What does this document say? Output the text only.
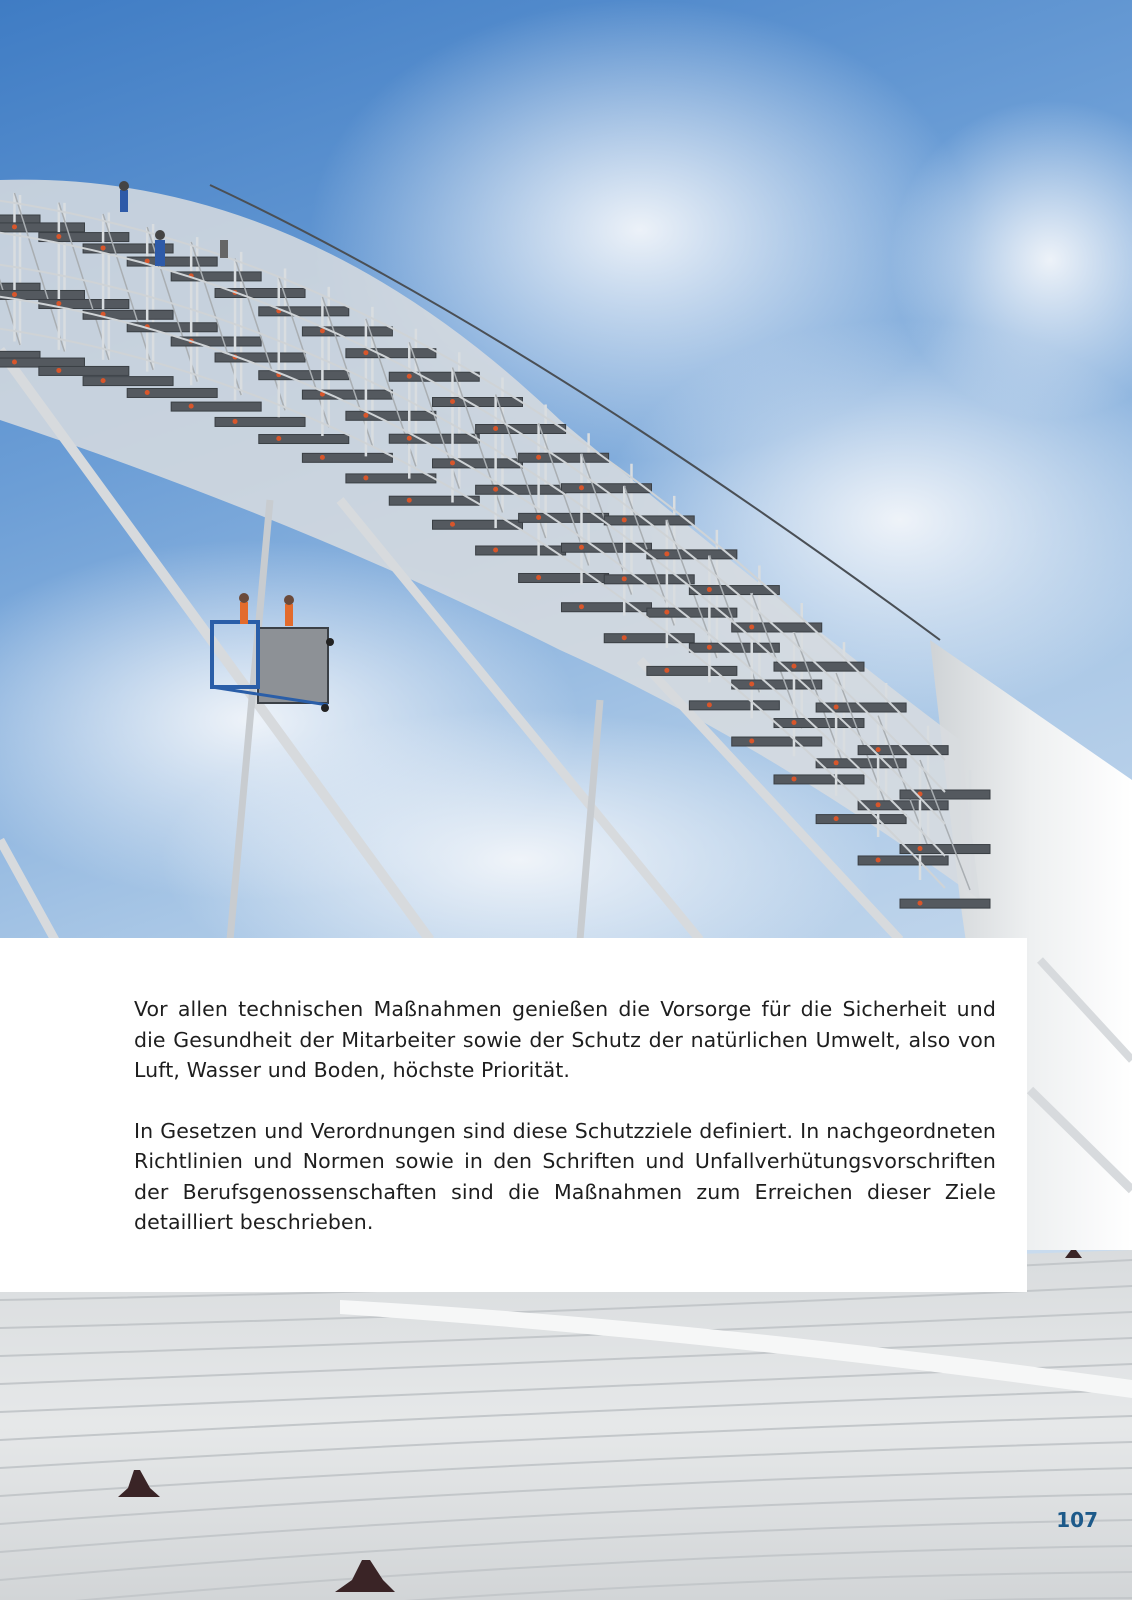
Vor allen technischen Maßnahmen genießen die Vorsorge für die Sicherheit und die Gesundheit der Mitarbeiter sowie der Schutz der natürlichen Umwelt, also von Luft, Wasser und Boden, höchste Priorität.

In Gesetzen und Verordnungen sind diese Schutzziele definiert. In nachgeordneten Richtlinien und Normen sowie in den Schriften und Unfallverhütungsvorschriften der Berufsgenossenschaften sind die Maßnahmen zum Erreichen dieser Ziele detailliert beschrieben.

107
